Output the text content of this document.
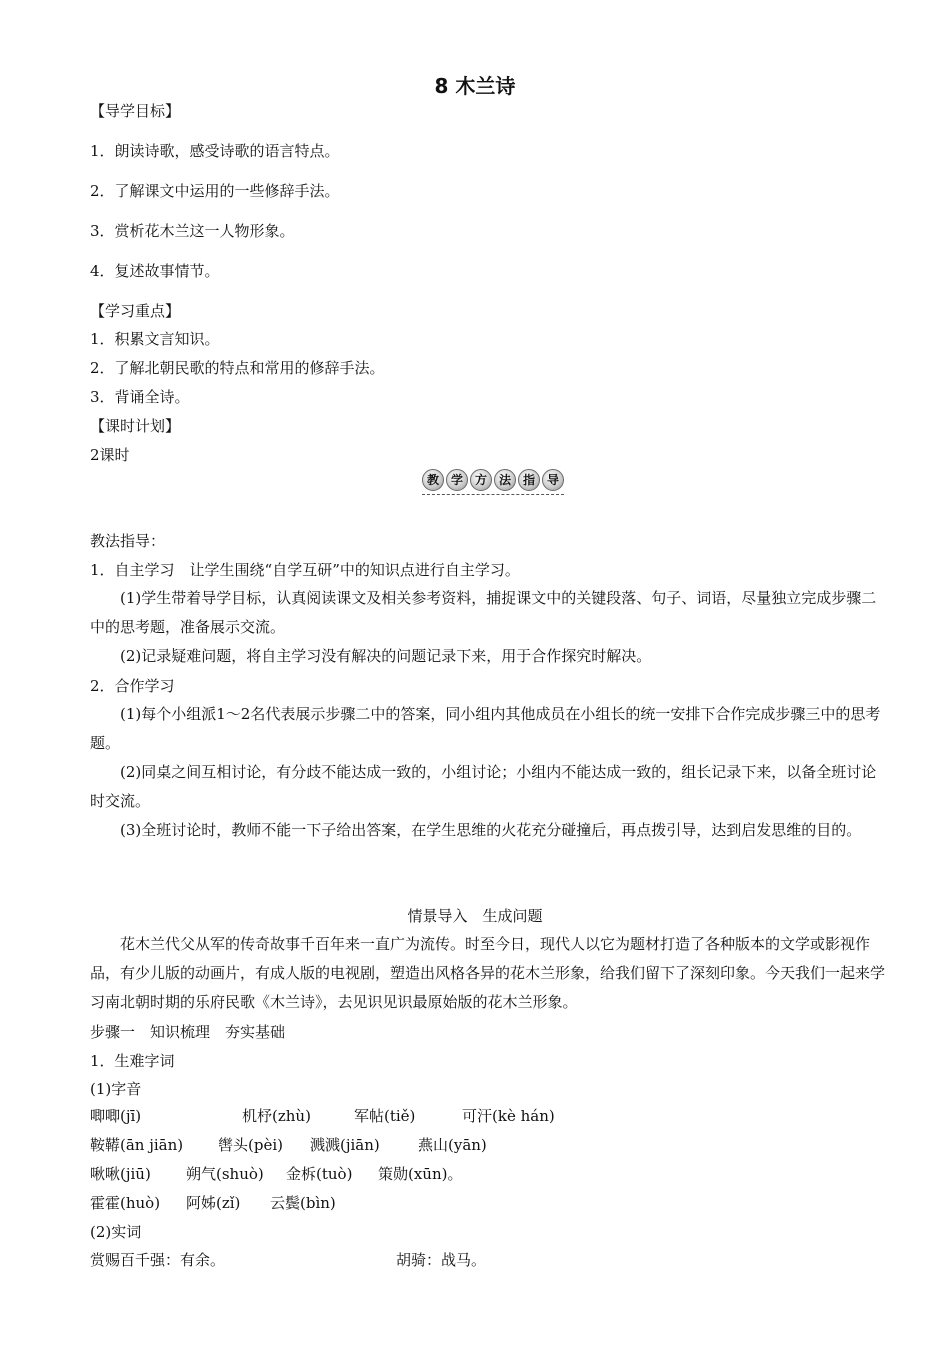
8 木兰诗
【导学目标】
1．朗读诗歌，感受诗歌的语言特点。
2．了解课文中运用的一些修辞手法。
3．赏析花木兰这一人物形象。
4．复述故事情节。
【学习重点】
1．积累文言知识。
2．了解北朝民歌的特点和常用的修辞手法。
3．背诵全诗。
【课时计划】
2课时
教 学 方 法 指 导
教法指导：
1．自主学习　让学生围绕“自学互研”中的知识点进行自主学习。
(1)学生带着导学目标，认真阅读课文及相关参考资料，捕捉课文中的关键段落、句子、词语，尽量独立完成步骤二中的思考题，准备展示交流。
(2)记录疑难问题，将自主学习没有解决的问题记录下来，用于合作探究时解决。
2．合作学习
(1)每个小组派1～2名代表展示步骤二中的答案，同小组内其他成员在小组长的统一安排下合作完成步骤三中的思考题。
(2)同桌之间互相讨论，有分歧不能达成一致的，小组讨论；小组内不能达成一致的，组长记录下来，以备全班讨论时交流。
(3)全班讨论时，教师不能一下子给出答案，在学生思维的火花充分碰撞后，再点拨引导，达到启发思维的目的。
情景导入　生成问题
花木兰代父从军的传奇故事千百年来一直广为流传。时至今日，现代人以它为题材打造了各种版本的文学或影视作品，有少儿版的动画片，有成人版的电视剧，塑造出风格各异的花木兰形象，给我们留下了深刻印象。今天我们一起来学习南北朝时期的乐府民歌《木兰诗》，去见识见识最原始版的花木兰形象。
步骤一　知识梳理　夯实基础
1．生难字词
(1)字音
唧唧(jī)	机杼(zhù)	军帖(tiě)	可汗(kè hán)
鞍鞯(ān jiān) 辔头(pèi) 溅溅(jiān)	燕山(yān)
啾啾(jiū) 朔气(shuò) 金柝(tuò) 策勋(xūn)。
霍霍(huò) 阿姊(zǐ) 云鬓(bìn)
(2)实词
赏赐百千强：有余。	胡骑：战马。
